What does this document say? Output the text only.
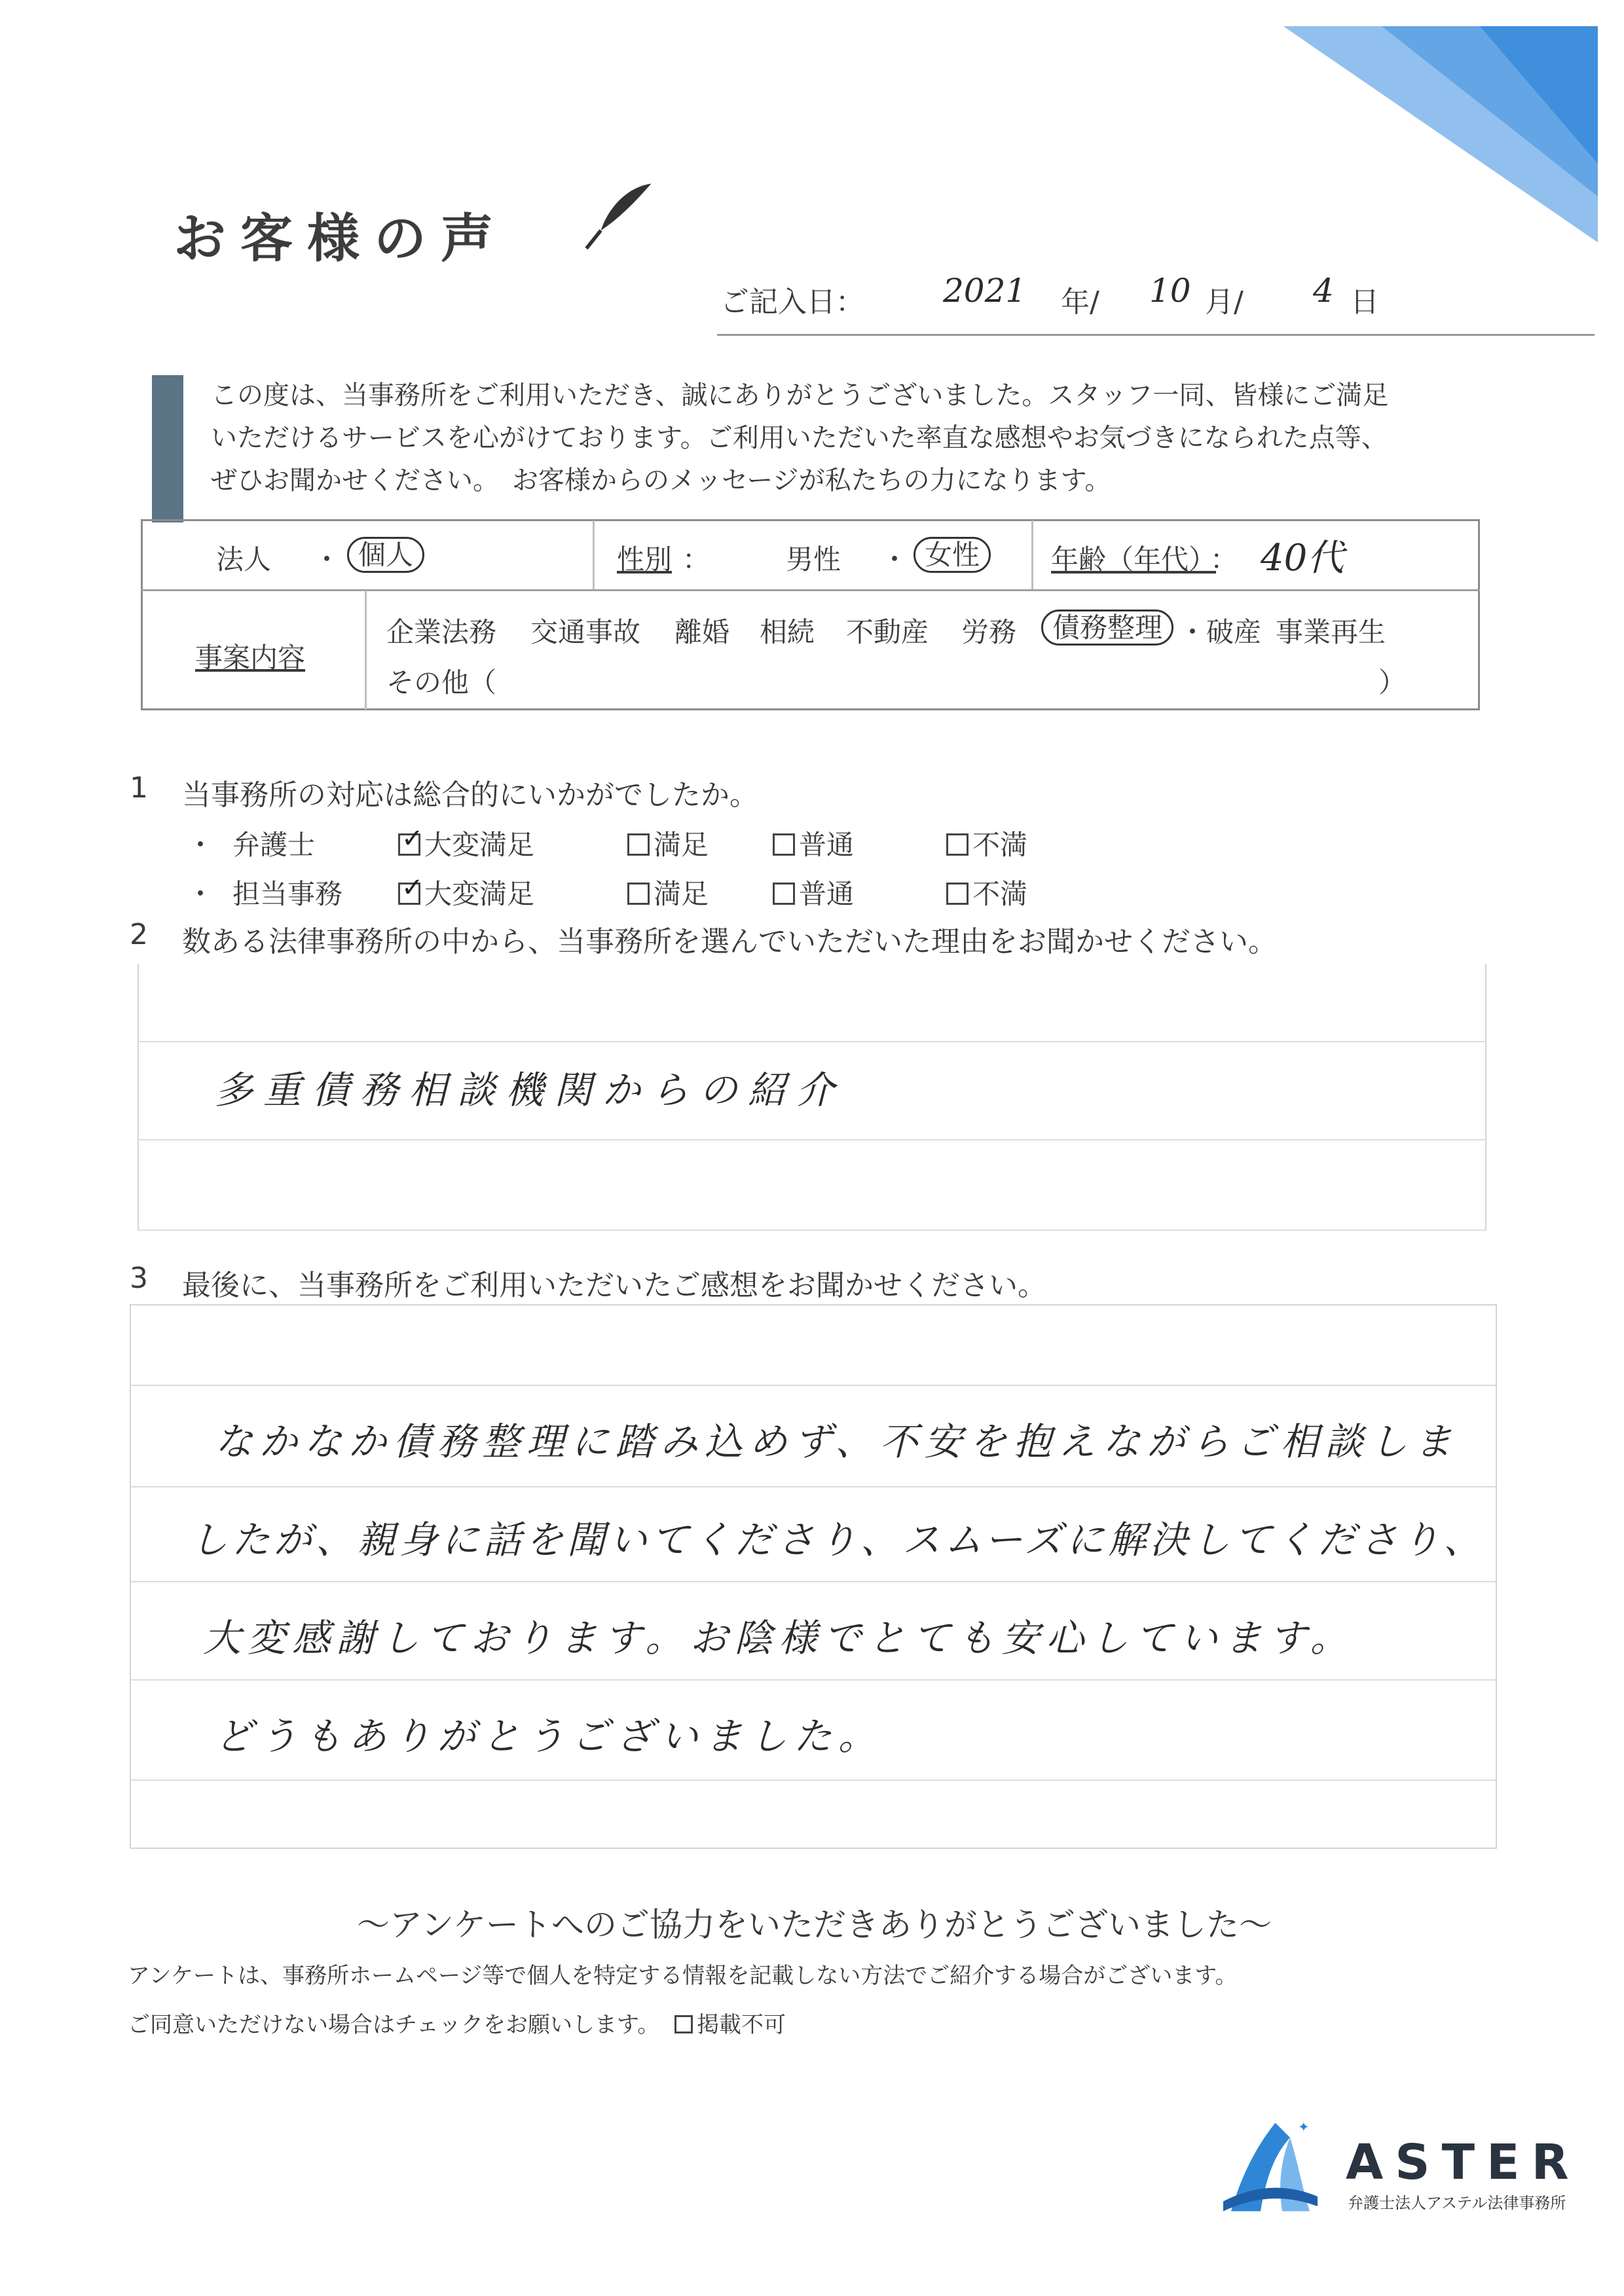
お客様の声
ご記入日： 2021 年/ 10 月/ 4 日
この度は、当事務所をご利用いただき、誠にありがとうございました。スタッフ一同、皆様にご満足
いただけるサービスを心がけております。ご利用いただいた率直な感想やお気づきになられた点等、
ぜひお聞かせください。　お客様からのメッセージが私たちの力になります。
法人 ・ 個人	性別 ：	男性 ・ 女性	年齢（年代）
： 40代
事案内容
企業法務 交通事故 離婚 相続 不動産 労務	債務整理 ・破産 事業再生
その他（	）
1 当事務所の対応は総合的にいかがでしたか。
・ 弁護士 ✓	大変満足	満足	普通	不満
・ 担当事務 ✓	大変満足	満足	普通	不満
2 数ある法律事務所の中から、当事務所を選んでいただいた理由をお聞かせください。
多重債務相談機関からの紹介
3 最後に、当事務所をご利用いただいたご感想をお聞かせください。
なかなか債務整理に踏み込めず、不安を抱えながらご相談しま
したが、親身に話を聞いてくださり、スムーズに解決してくださり、
大変感謝しております。お陰様でとても安心しています。
どうもありがとうございました。
～アンケートへのご協力をいただきありがとうございました～
アンケートは、事務所ホームページ等で個人を特定する情報を記載しない方法でご紹介する場合がございます。
ご同意いただけない場合はチェックをお願いします。	掲載不可
✦
ASTER
弁護士法人アステル法律事務所
